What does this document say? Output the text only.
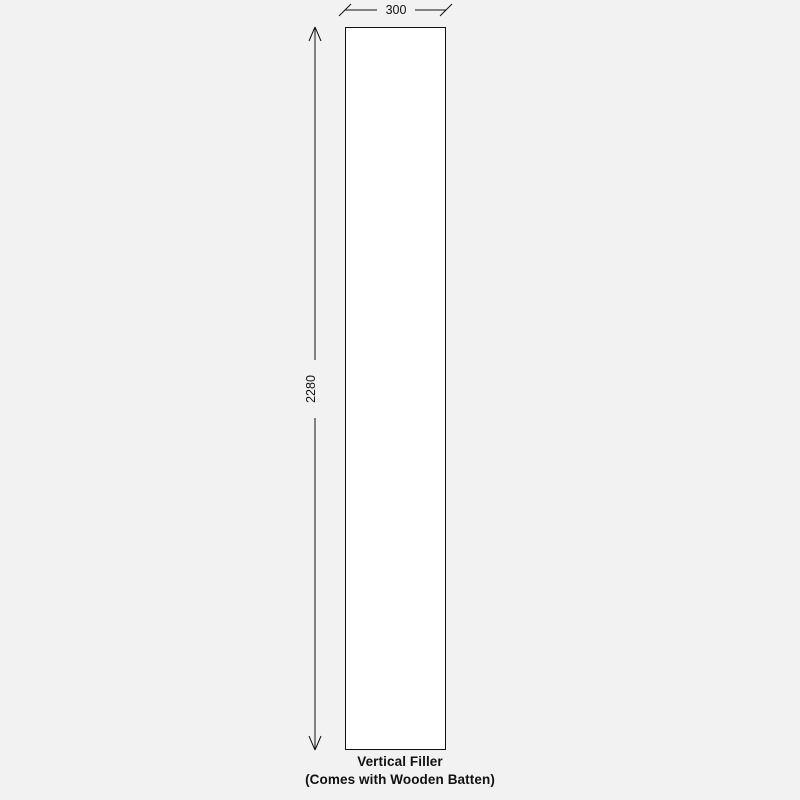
300
2280
Vertical Filler
(Comes with Wooden Batten)
